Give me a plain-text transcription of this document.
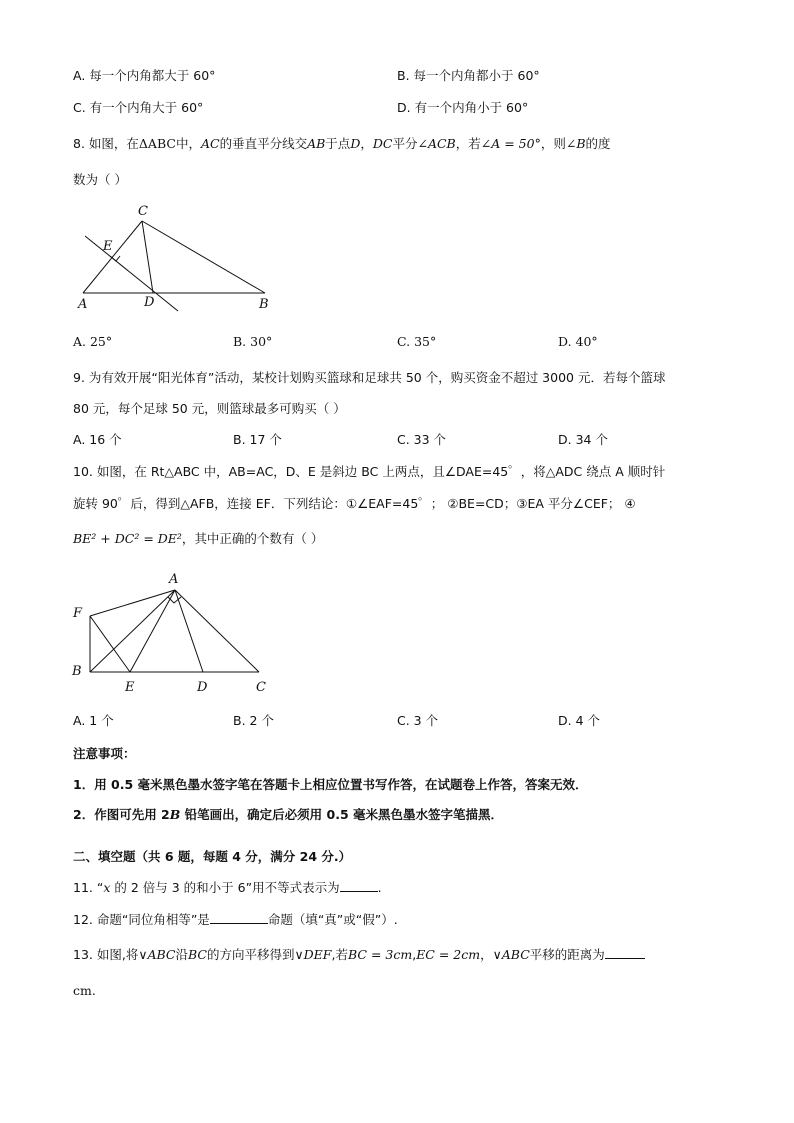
A. 每一个内角都大于 60°	B. 每一个内角都小于 60°
C. 有一个内角大于 60°	D. 有一个内角小于 60°
8. 如图，在ΔABC中，AC的垂直平分线交AB于点D，DC平分∠ACB，若∠A = 50°，则∠B的度
数为（ ）
C
E
A	D	B
A. 25°	B. 30°	C. 35°	D. 40°
9. 为有效开展“阳光体育”活动，某校计划购买篮球和足球共 50 个，购买资金不超过 3000 元．若每个篮球
80 元，每个足球 50 元，则篮球最多可购买（ ）
A. 16 个	B. 17 个	C. 33 个	D. 34 个
10. 如图，在 Rt△ABC 中，AB=AC，D、E 是斜边 BC 上两点，且∠DAE=45゜，将△ADC 绕点 A 顺时针
旋转 90゜后，得到△AFB，连接 EF．下列结论：①∠EAF=45゜； ②BE=CD；③EA 平分∠CEF； ④
BE² + DC² = DE²，其中正确的个数有（ ）
A
F
B
E	D	C
A. 1 个	B. 2 个	C. 3 个	D. 4 个
注意事项：
1．用 0.5 毫米黑色墨水签字笔在答题卡上相应位置书写作答，在试题卷上作答，答案无效．
2．作图可先用 2B 铅笔画出，确定后必须用 0.5 毫米黑色墨水签字笔描黑．
二、填空题（共 6 题，每题 4 分，满分 24 分.）
11. “x 的 2 倍与 3 的和小于 6”用不等式表示为	.
12. 命题“同位角相等”是	命题（填“真”或“假”）.
13. 如图,将∨ABC沿BC的方向平移得到∨DEF,若BC = 3cm,EC = 2cm，∨ABC平移的距离为
cm.
